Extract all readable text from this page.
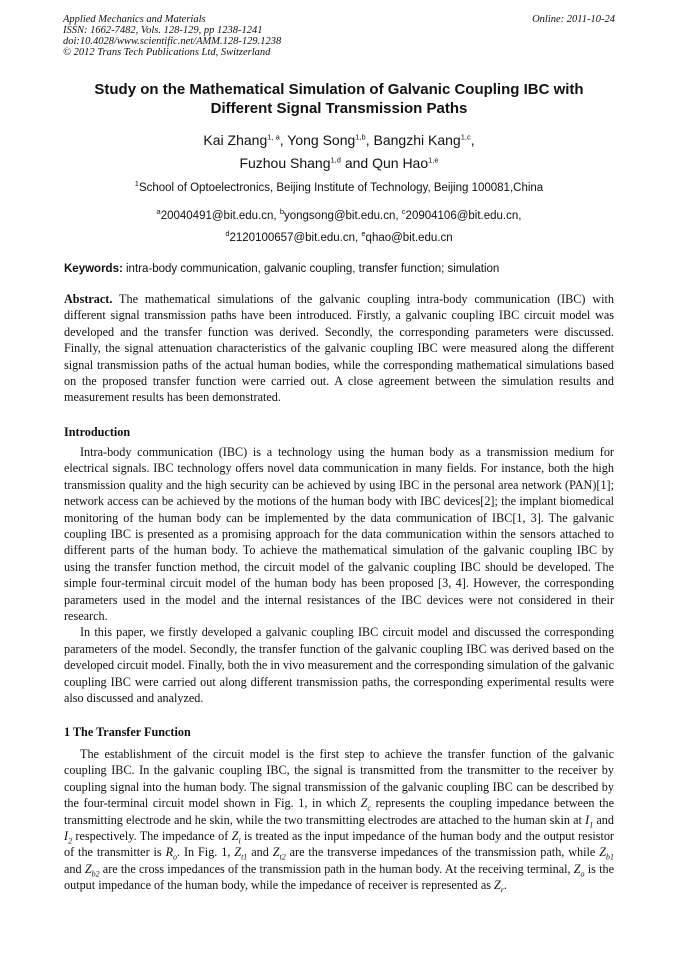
Applied Mechanics and Materials
ISSN: 1662-7482, Vols. 128-129, pp 1238-1241
doi:10.4028/www.scientific.net/AMM.128-129.1238
© 2012 Trans Tech Publications Ltd, Switzerland
Online: 2011-10-24
Study on the Mathematical Simulation of Galvanic Coupling IBC with
Different Signal Transmission Paths
Kai Zhang$^{1, a}$, Yong Song$^{1,b}$, Bangzhi Kang$^{1,c}$,
Fuzhou Shang$^{1,d}$ and Qun Hao$^{1,e}$
$^1$School of Optoelectronics, Beijing Institute of Technology, Beijing 100081,China
$^a$20040491@bit.edu.cn, $^b$yongsong@bit.edu.cn, $^c$20904106@bit.edu.cn,
$^d$2120100657@bit.edu.cn, $^e$qhao@bit.edu.cn
Keywords: intra-body communication, galvanic coupling, transfer function; simulation

Abstract. The mathematical simulations of the galvanic coupling intra-body communication (IBC) with different signal transmission paths have been introduced. Firstly, a galvanic coupling IBC circuit model was developed and the transfer function was derived. Secondly, the corresponding parameters were discussed. Finally, the signal attenuation characteristics of the galvanic coupling IBC were measured along the different signal transmission paths of the actual human bodies, while the corresponding mathematical simulations based on the proposed transfer function were carried out. A close agreement between the simulation results and measurement results has been demonstrated.

Introduction

Intra-body communication (IBC) is a technology using the human body as a transmission medium for electrical signals. IBC technology offers novel data communication in many fields. For instance, both the high transmission quality and the high security can be achieved by using IBC in the personal area network (PAN)[1]; network access can be achieved by the motions of the human body with IBC devices[2]; the implant biomedical monitoring of the human body can be implemented by the data communication of IBC[1, 3]. The galvanic coupling IBC is presented as a promising approach for the data communication within the sensors attached to different parts of the human body. To achieve the mathematical simulation of the galvanic coupling IBC by using the transfer function method, the circuit model of the galvanic coupling IBC should be developed. The simple four-terminal circuit model of the human body has been proposed [3, 4]. However, the corresponding parameters used in the model and the internal resistances of the IBC devices were not considered in their research.

In this paper, we firstly developed a galvanic coupling IBC circuit model and discussed the corresponding parameters of the model. Secondly, the transfer function of the galvanic coupling IBC was derived based on the developed circuit model. Finally, both the in vivo measurement and the corresponding simulation of the galvanic coupling IBC were carried out along different transmission paths, the corresponding experimental results were also discussed and analyzed.

1 The Transfer Function

The establishment of the circuit model is the first step to achieve the transfer function of the galvanic coupling IBC. In the galvanic coupling IBC, the signal is transmitted from the transmitter to the receiver by coupling signal into the human body. The signal transmission of the galvanic coupling IBC can be described by the four-terminal circuit model shown in Fig. 1, in which $Z_c$ represents the coupling impedance between the transmitting electrode and he skin, while the two transmitting electrodes are attached to the human skin at $I_1$ and $I_2$ respectively. The impedance of $Z_i$ is treated as the input impedance of the human body and the output resistor of the transmitter is $R_o$. In Fig. 1, $Z_{t1}$ and $Z_{t2}$ are the transverse impedances of the transmission path, while $Z_{b1}$ and $Z_{b2}$ are the cross impedances of the transmission path in the human body. At the receiving terminal, $Z_o$ is the output impedance of the human body, while the impedance of receiver is represented as $Z_r$.
